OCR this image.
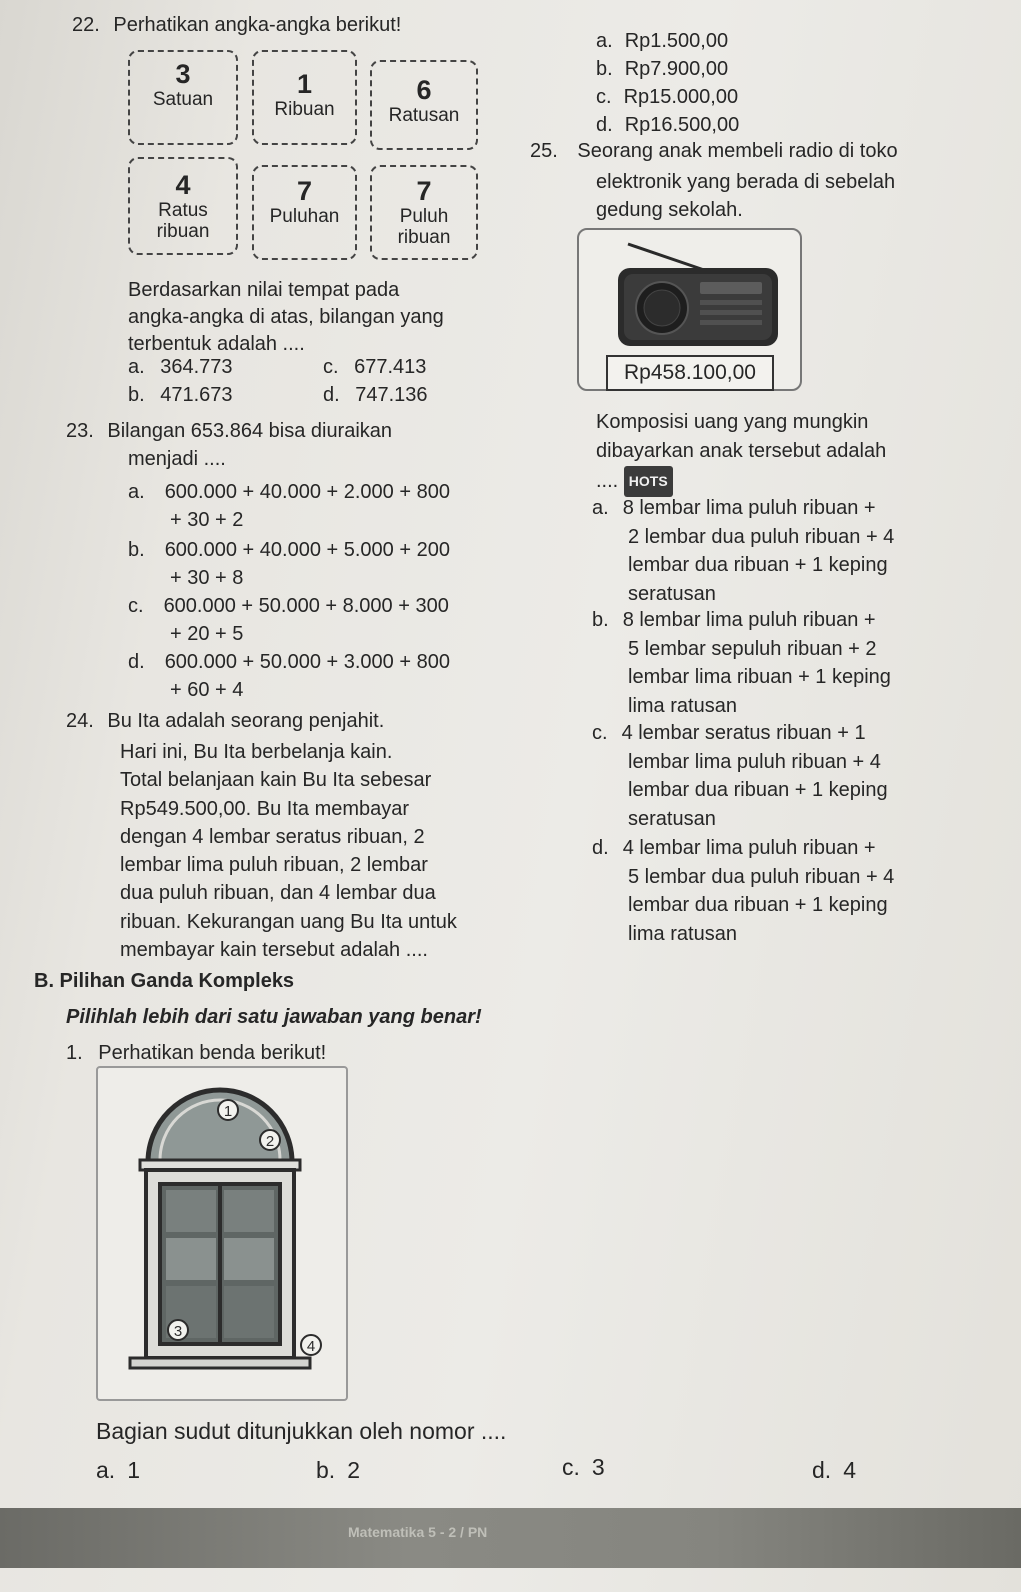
22. Perhatikan angka-angka berikut!
3
Satuan
1
Ribuan
6
Ratusan
4
Ratus ribuan
7
Puluhan
7
Puluh ribuan
Berdasarkan nilai tempat pada
angka-angka di atas, bilangan yang
terbentuk adalah ....
a. 364.773	c. 677.413
b. 471.673	d. 747.136
23. Bilangan 653.864 bisa diuraikan
menjadi ....
a. 600.000 + 40.000 + 2.000 + 800
+ 30 + 2
b. 600.000 + 40.000 + 5.000 + 200
+ 30 + 8
c. 600.000 + 50.000 + 8.000 + 300
+ 20 + 5
d. 600.000 + 50.000 + 3.000 + 800
+ 60 + 4
24. Bu Ita adalah seorang penjahit.
Hari ini, Bu Ita berbelanja kain.
Total belanjaan kain Bu Ita sebesar
Rp549.500,00. Bu Ita membayar
dengan 4 lembar seratus ribuan, 2
lembar lima puluh ribuan, 2 lembar
dua puluh ribuan, dan 4 lembar dua
ribuan. Kekurangan uang Bu Ita untuk
membayar kain tersebut adalah ....
a. Rp1.500,00
b. Rp7.900,00
c. Rp15.000,00
d. Rp16.500,00
25. Seorang anak membeli radio di toko
elektronik yang berada di sebelah
gedung sekolah.
Rp458.100,00
Komposisi uang yang mungkin
dibayarkan anak tersebut adalah
.... HOTS
a. 8 lembar lima puluh ribuan +
2 lembar dua puluh ribuan + 4
lembar dua ribuan + 1 keping
seratusan
b. 8 lembar lima puluh ribuan +
5 lembar sepuluh ribuan + 2
lembar lima ribuan + 1 keping
lima ratusan
c. 4 lembar seratus ribuan + 1
lembar lima puluh ribuan + 4
lembar dua ribuan + 1 keping
seratusan
d. 4 lembar lima puluh ribuan +
5 lembar dua puluh ribuan + 4
lembar dua ribuan + 1 keping
lima ratusan
B. Pilihan Ganda Kompleks
Pilihlah lebih dari satu jawaban yang benar!
1. Perhatikan benda berikut!
1
2
3
4
Bagian sudut ditunjukkan oleh nomor ....
a. 1	b. 2	c. 3	d. 4
Matematika 5 - 2 / PN
